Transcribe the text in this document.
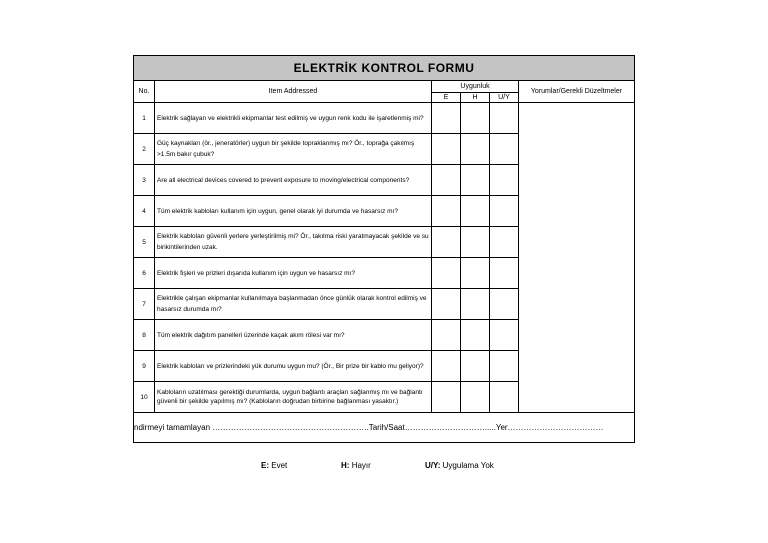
ELEKTRİK KONTROL FORMU					
No.	Item Addressed	Uygunluk			Yorumlar/Gerekli Düzeltmeler
		E	H	U/Y	
1	Elektrik sağlayan ve elektrikli ekipmanlar test edilmiş ve uygun renk kodu ile işaretlenmiş mi?				
2	Güç kaynakları (ör., jeneratörler) uygun bir şekilde topraklanmış mı? Ör., toprağa çakılmış >1.5m bakır çubuk?				
3	Are all electrical devices covered to prevent exposure to moving/electrical components?				
4	Tüm elektrik kabloları kullanım için uygun, genel olarak iyi durumda ve hasarsız mı?				
5	Elektrik kabloları güvenli yerlere yerleştirilmiş mi? Ör., takılma riski yaratmayacak şekilde ve su birikintilerinden uzak.				
6	Elektrik fişleri ve prizleri dışarıda kullanım için uygun ve hasarsız mı?				
7	Elektrikle çalışan ekipmanlar kullanılmaya başlanmadan önce günlük olarak kontrol edilmiş ve hasarsız durumda mı?				
8	Tüm elektrik dağıtım panelleri üzerinde kaçak akım rölesi var mı?				
9	Elektrik kabloları ve prizlerindeki yük durumu uygun mu? (Ör., Bir prize bir kablo mu geliyor)?				
10	Kabloların uzatılması gerektiği durumlarda, uygun bağlantı araçları sağlanmış mı ve bağlantı güvenli bir şekilde yapılmış mı? (Kabloların doğrudan birbirine bağlanması yasaktır.)				
ndirmeyi tamamlayan …………………………………………………..Tarih/Saat………………………….....Yer………………………………					
E: Evet	H: Hayır	U/Y: Uygulama Yok
